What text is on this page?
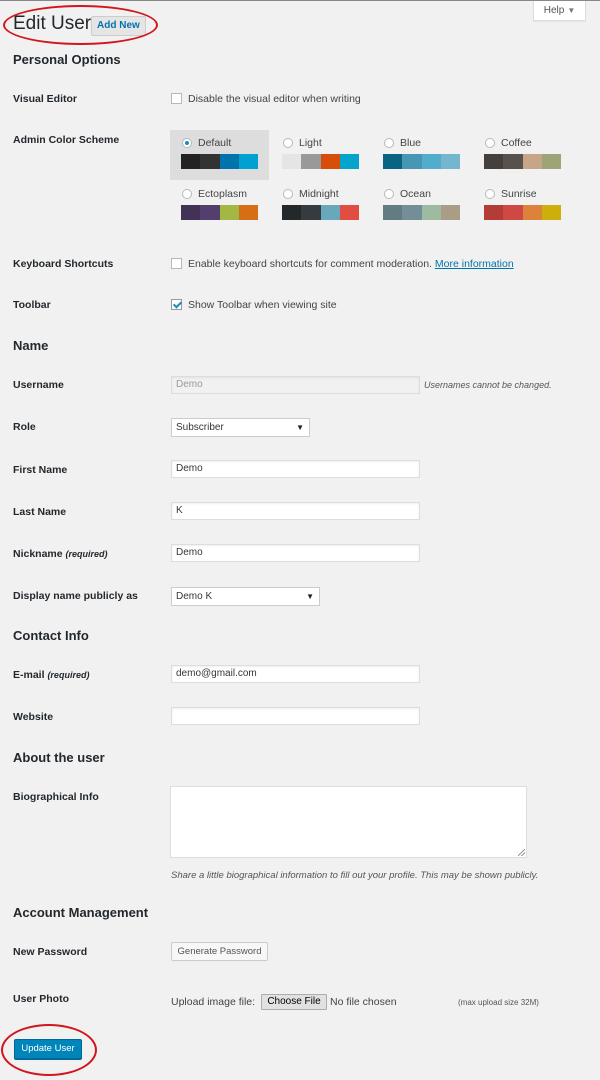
Help ▼
Edit User Add New
Personal Options
Visual Editor	Disable the visual editor when writing
Admin Color Scheme	Default	Light	Blue	Coffee
Ectoplasm	Midnight	Ocean	Sunrise
Keyboard Shortcuts	Enable keyboard shortcuts for comment moderation. More information
Toolbar	Show Toolbar when viewing site
Name
Username	Demo	Usernames cannot be changed.
Role	Subscriber	▼
First Name	Demo
Last Name	K
Nickname (required)	Demo
Display name publicly as	Demo K	▼
Contact Info
E-mail (required)	demo@gmail.com
Website
About the user
Biographical Info
Share a little biographical information to fill out your profile. This may be shown publicly.
Account Management
New Password	Generate Password
User Photo	Upload image file:	Choose File No file chosen	(max upload size 32M)
Update User
